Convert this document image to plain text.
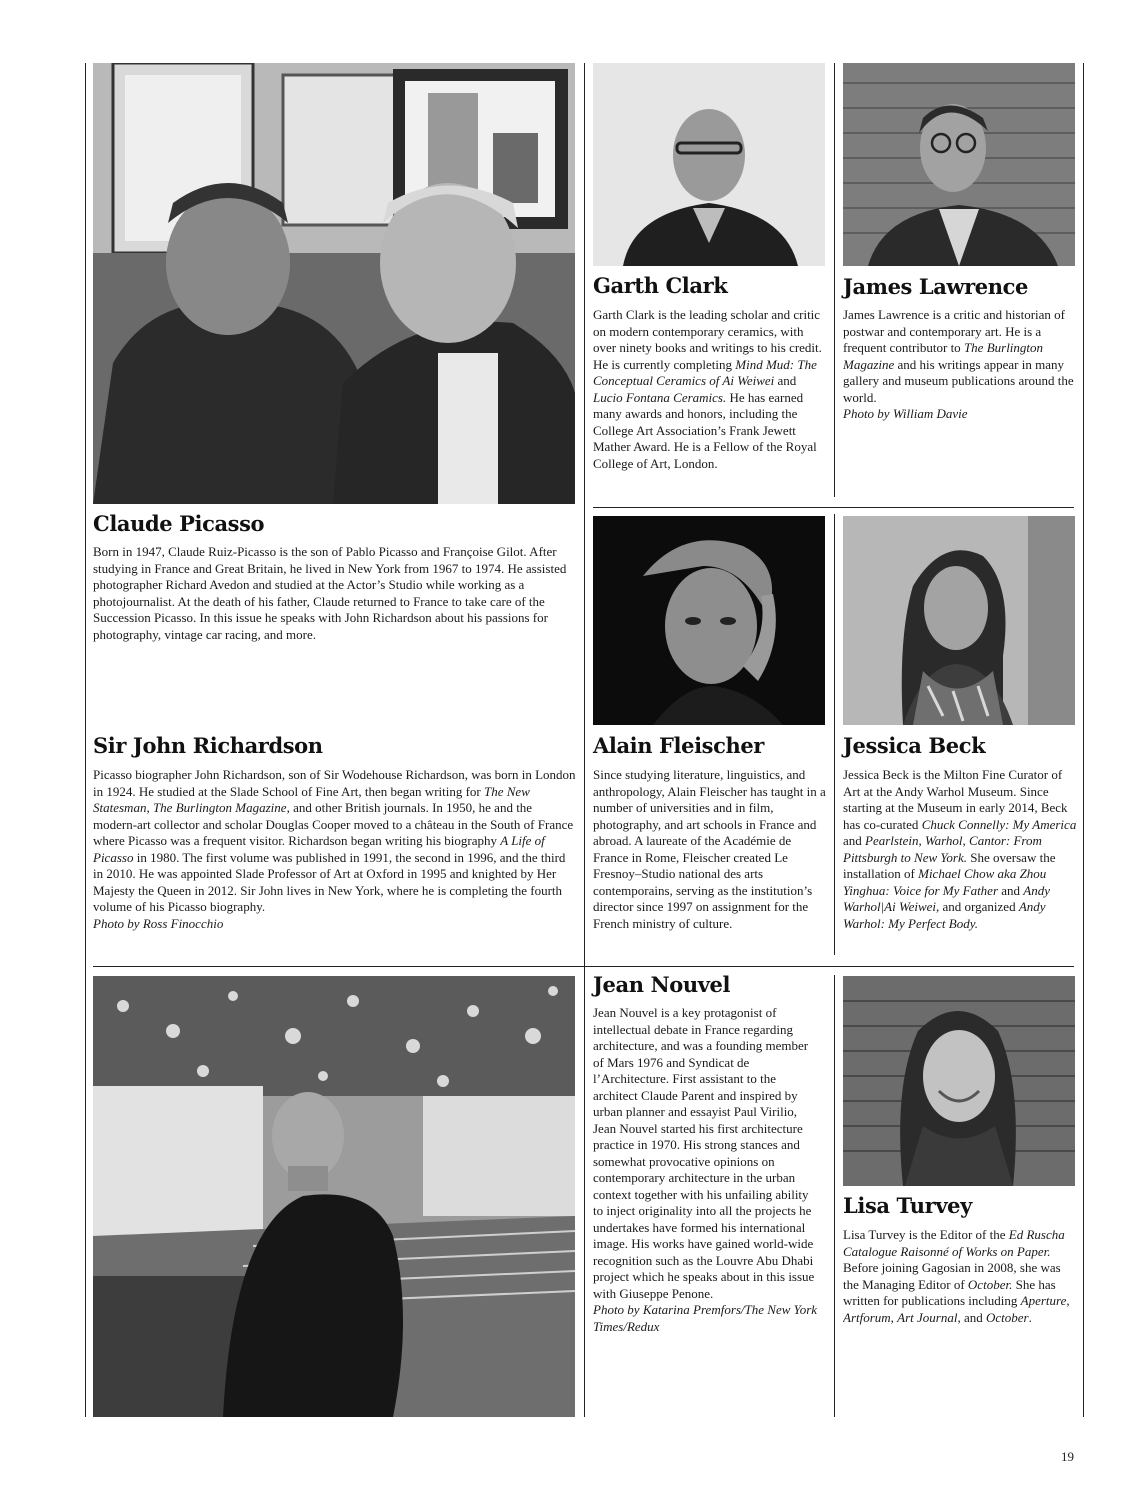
Claude Picasso

Born in 1947, Claude Ruiz-Picasso is the son of Pablo Picasso and Françoise Gilot. After studying in France and Great Britain, he lived in New York from 1967 to 1974. He assisted photographer Richard Avedon and studied at the Actor’s Studio while working as a photojournalist. At the death of his father, Claude returned to France to take care of the Succession Picasso. In this issue he speaks with John Richardson about his passions for photography, vintage car racing, and more.

Garth Clark

Garth Clark is the leading scholar and critic on modern contemporary ceramics, with over ninety books and writings to his credit. He is currently completing Mind Mud: The Conceptual Ceramics of Ai Weiwei and Lucio Fontana Ceramics. He has earned many awards and honors, including the College Art Association’s Frank Jewett Mather Award. He is a Fellow of the Royal College of Art, London.

James Lawrence

James Lawrence is a critic and historian of postwar and contemporary art. He is a frequent contributor to The Burlington Magazine and his writings appear in many gallery and museum publications around the world.
Photo by William Davie

Alain Fleischer

Since studying literature, linguistics, and anthropology, Alain Fleischer has taught in a number of universities and in film, photography, and art schools in France and abroad. A laureate of the Académie de France in Rome, Fleischer created Le Fresnoy–Studio national des arts contemporains, serving as the institution’s director since 1997 on assignment for the French ministry of culture.

Jessica Beck

Jessica Beck is the Milton Fine Curator of Art at the Andy Warhol Museum. Since starting at the Museum in early 2014, Beck has co-curated Chuck Connelly: My America and Pearlstein, Warhol, Cantor: From Pittsburgh to New York. She oversaw the installation of Michael Chow aka Zhou Yinghua: Voice for My Father and Andy Warhol|Ai Weiwei, and organized Andy Warhol: My Perfect Body.

Sir John Richardson

Picasso biographer John Richardson, son of Sir Wodehouse Richardson, was born in London in 1924. He studied at the Slade School of Fine Art, then began writing for The New Statesman, The Burlington Magazine, and other British journals. In 1950, he and the modern-art collector and scholar Douglas Cooper moved to a château in the South of France where Picasso was a frequent visitor. Richardson began writing his biography A Life of Picasso in 1980. The first volume was published in 1991, the second in 1996, and the third in 2010. He was appointed Slade Professor of Art at Oxford in 1995 and knighted by Her Majesty the Queen in 2012. Sir John lives in New York, where he is completing the fourth volume of his Picasso biography.
Photo by Ross Finocchio

Jean Nouvel

Jean Nouvel is a key protagonist of intellectual debate in France regarding architecture, and was a founding member of Mars 1976 and Syndicat de l’Architecture. First assistant to the architect Claude Parent and inspired by urban planner and essayist Paul Virilio, Jean Nouvel started his first architecture practice in 1970. His strong stances and somewhat provocative opinions on contemporary architecture in the urban context together with his unfailing ability to inject originality into all the projects he undertakes have formed his international image. His works have gained world-wide recognition such as the Louvre Abu Dhabi project which he speaks about in this issue with Giuseppe Penone.
Photo by Katarina Premfors/The New York Times/Redux

Lisa Turvey

Lisa Turvey is the Editor of the Ed Ruscha Catalogue Raisonné of Works on Paper. Before joining Gagosian in 2008, she was the Managing Editor of October. She has written for publications including Aperture, Artforum, Art Journal, and October.

19
